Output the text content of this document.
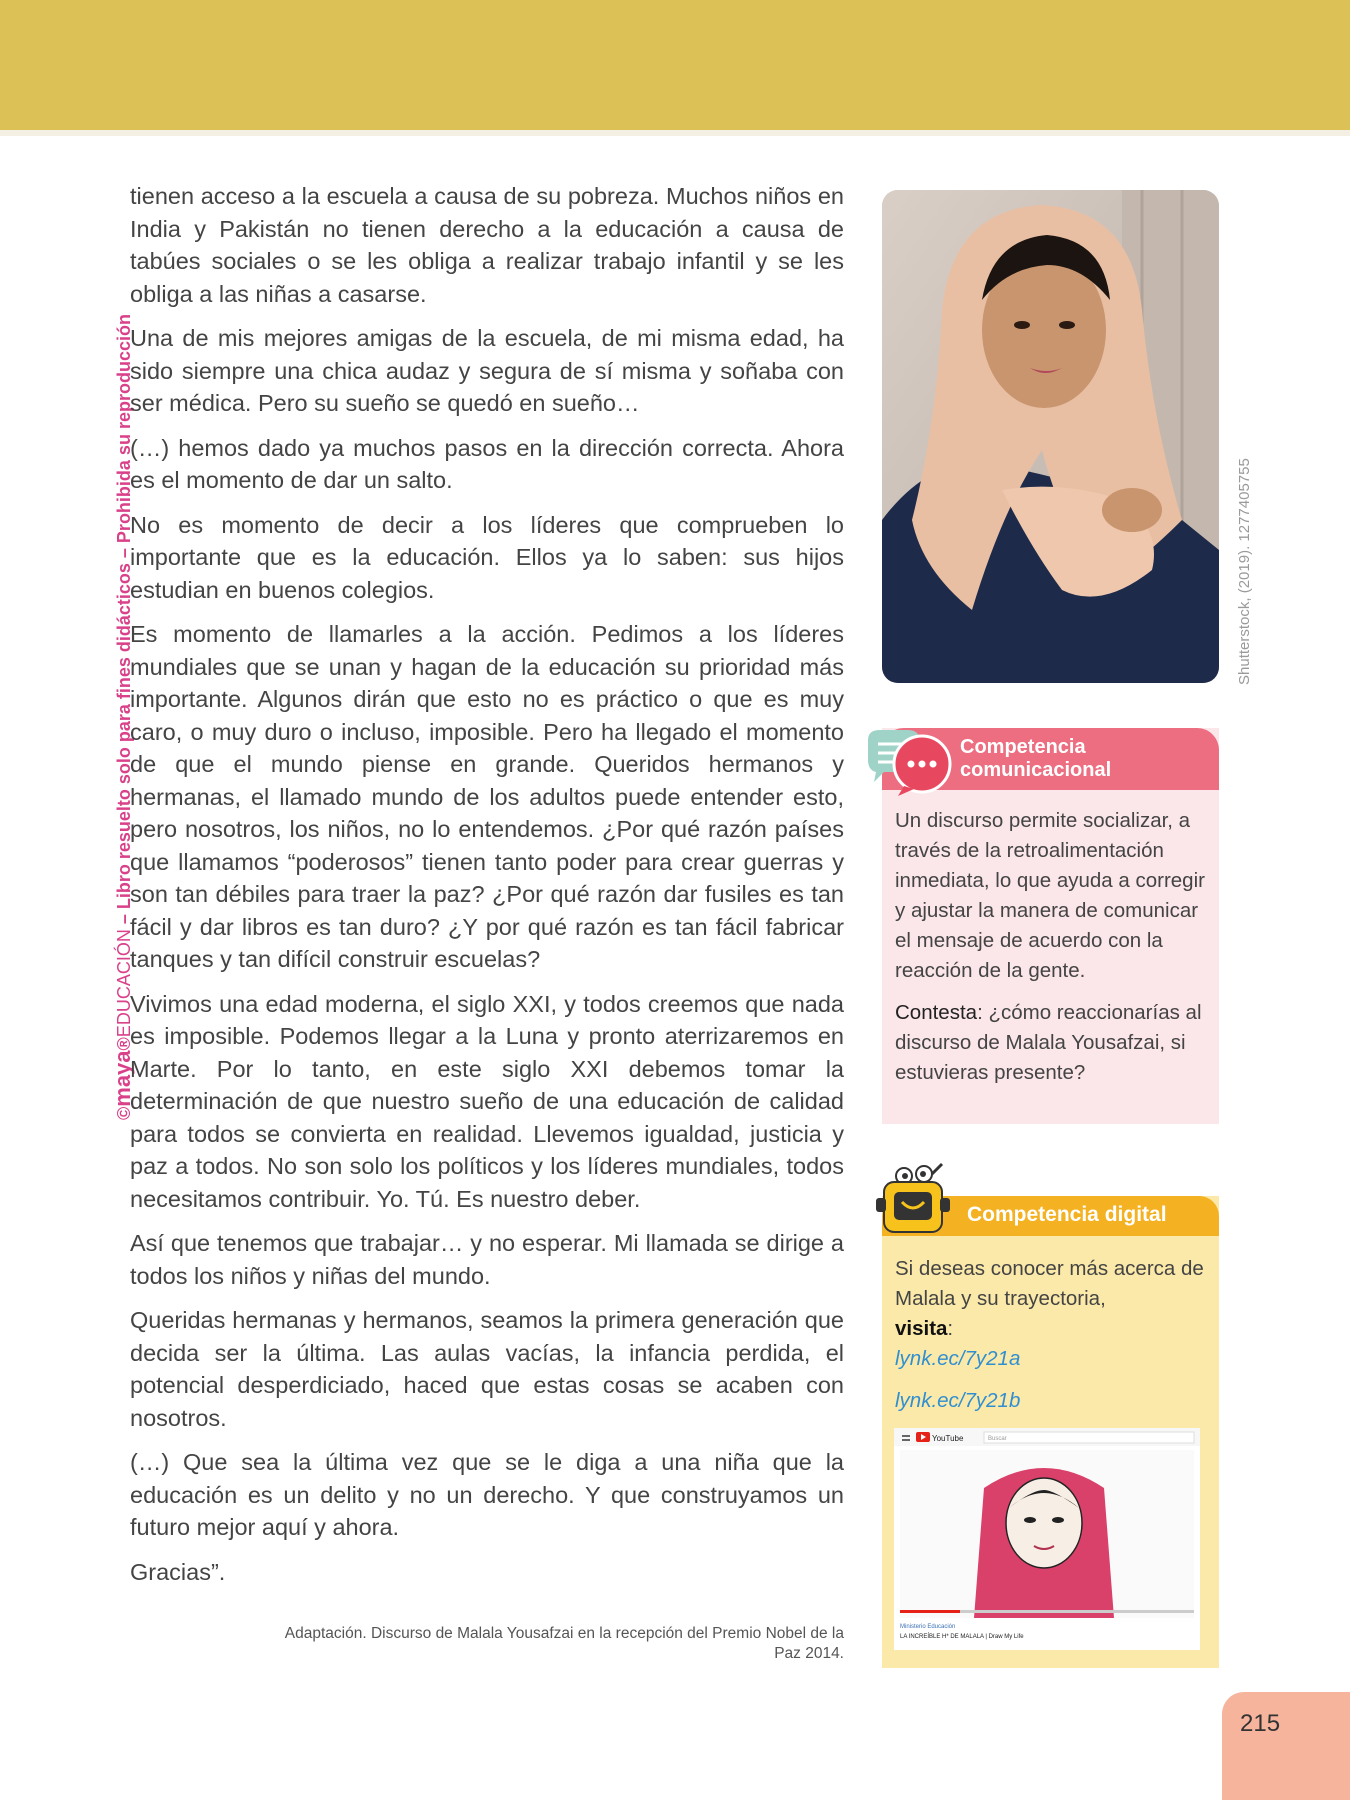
©maya®EDUCACIÓN – Libro resuelto solo para fines didácticos – Prohibida su reproducción

tienen acceso a la escuela a causa de su pobreza. Muchos niños en India y Pakistán no tienen derecho a la educación a causa de tabúes sociales o se les obliga a realizar trabajo infantil y se les obliga a las niñas a casarse.

Una de mis mejores amigas de la escuela, de mi misma edad, ha sido siempre una chica audaz y segura de sí misma y soñaba con ser médica. Pero su sueño se quedó en sueño…

(…) hemos dado ya muchos pasos en la dirección correcta. Ahora es el momento de dar un salto.

No es momento de decir a los líderes que comprueben lo importante que es la educación. Ellos ya lo saben: sus hijos estudian en buenos colegios.

Es momento de llamarles a la acción. Pedimos a los líderes mundiales que se unan y hagan de la educación su prioridad más importante. Algunos dirán que esto no es práctico o que es muy caro, o muy duro o incluso, imposible. Pero ha llegado el momento de que el mundo piense en grande. Queridos hermanos y hermanas, el llamado mundo de los adultos puede entender esto, pero nosotros, los niños, no lo entendemos. ¿Por qué razón países que llamamos “poderosos” tienen tanto poder para crear guerras y son tan débiles para traer la paz? ¿Por qué razón dar fusiles es tan fácil y dar libros es tan duro? ¿Y por qué razón es tan fácil fabricar tanques y tan difícil construir escuelas?

Vivimos una edad moderna, el siglo XXI, y todos creemos que nada es imposible. Podemos llegar a la Luna y pronto aterrizaremos en Marte. Por lo tanto, en este siglo XXI debemos tomar la determinación de que nuestro sueño de una educación de calidad para todos se convierta en realidad. Llevemos igualdad, justicia y paz a todos. No son solo los políticos y los líderes mundiales, todos necesitamos contribuir. Yo. Tú. Es nuestro deber.

Así que tenemos que trabajar… y no esperar. Mi llamada se dirige a todos los niños y niñas del mundo.

Queridas hermanas y hermanos, seamos la primera generación que decida ser la última. Las aulas vacías, la infancia perdida, el potencial desperdiciado, haced que estas cosas se acaben con nosotros.

(…) Que sea la última vez que se le diga a una niña que la educación es un delito y no un derecho. Y que construyamos un futuro mejor aquí y ahora.

Gracias”.

Adaptación. Discurso de Malala Yousafzai en la recepción del Premio Nobel de la Paz 2014.
Shutterstock, (2019). 1277405755
Competencia
comunicacional

Un discurso permite socializar, a través de la retroalimentación inmediata, lo que ayuda a corregir y ajustar la manera de comunicar el mensaje de acuerdo con la reacción de la gente.

Contesta: ¿cómo reaccionarías al discurso de Malala Yousafzai, si estuvieras presente?

Competencia digital
Si deseas conocer más acerca de Malala y su trayectoria,
visita:
lynk.ec/7y21a
lynk.ec/7y21b
YouTube	Buscar
Ministerio Educación
LA INCREÍBLE H* DE MALALA | Draw My Life
215
